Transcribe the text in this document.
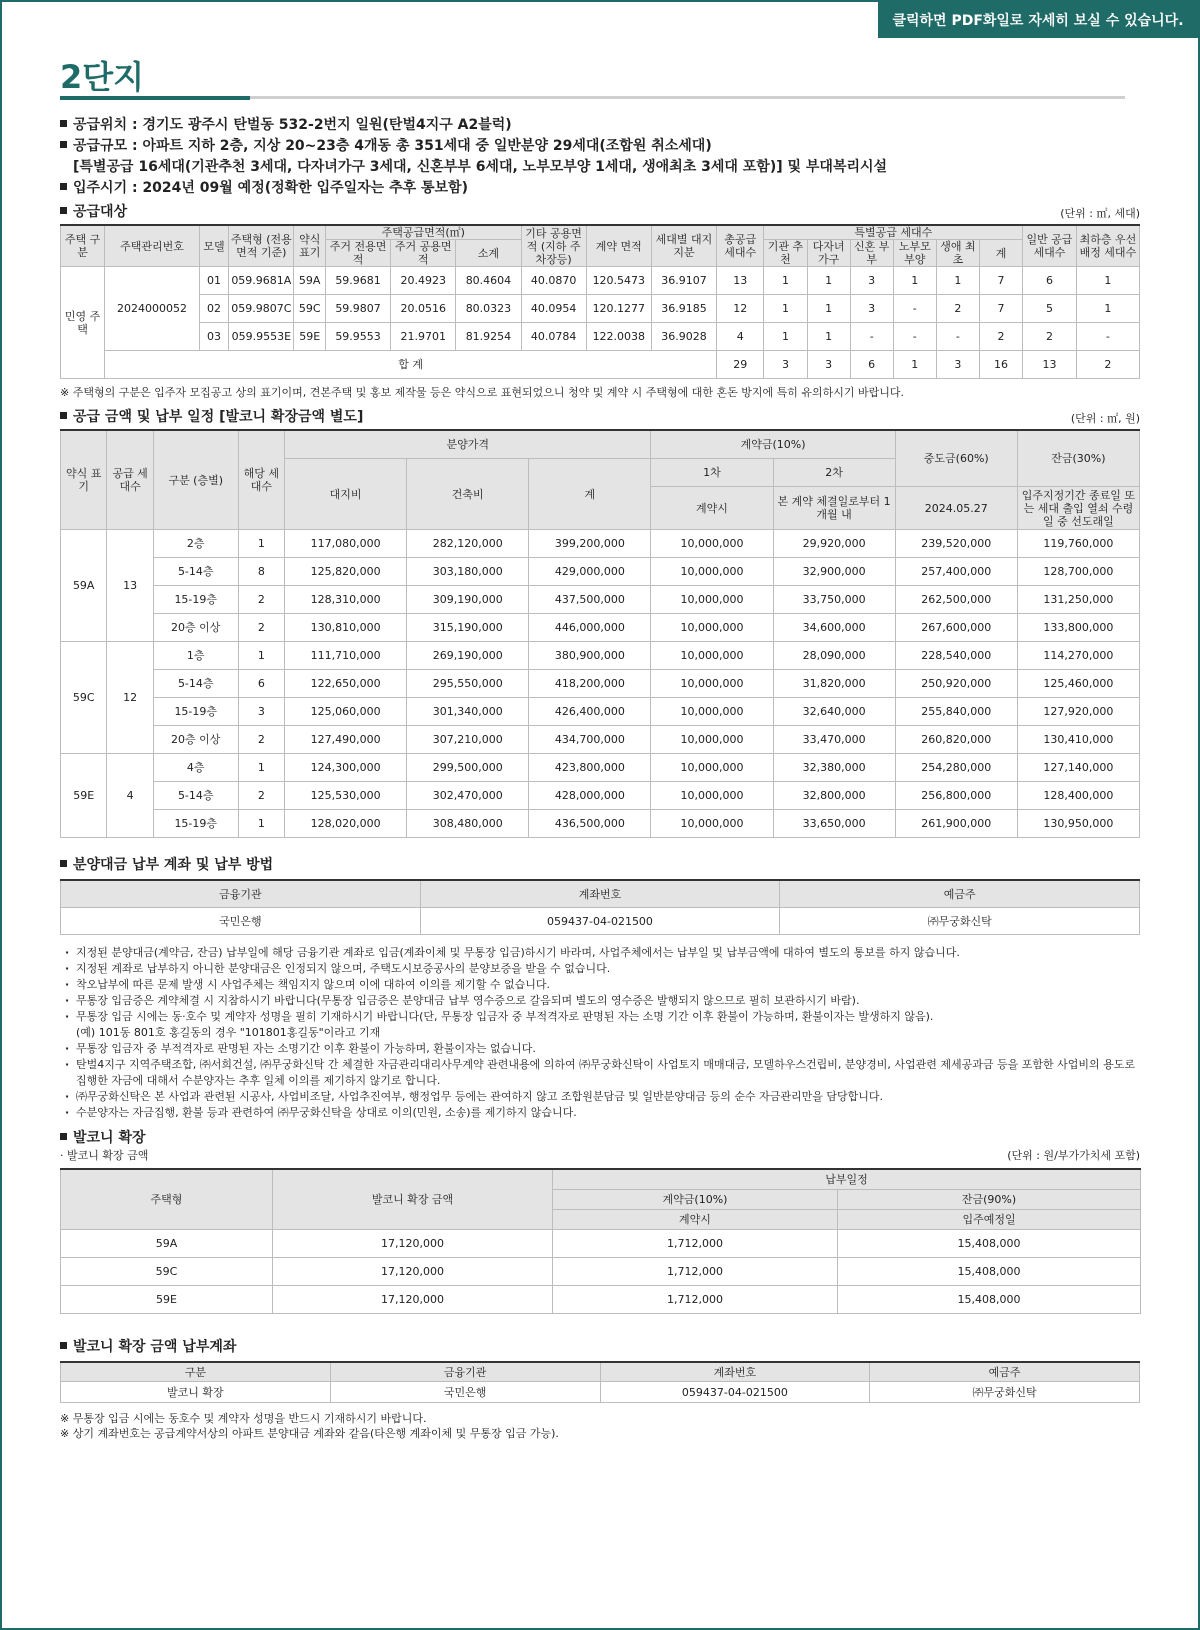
클릭하면 PDF화일로 자세히 보실 수 있습니다.
2단지
공급위치 : 경기도 광주시 탄벌동 532-2번지 일원(탄벌4지구 A2블럭)
공급규모 : 아파트 지하 2층, 지상 20~23층 4개동 총 351세대 중 일반분양 29세대(조합원 취소세대)
[특별공급 16세대(기관추천 3세대, 다자녀가구 3세대, 신혼부부 6세대, 노부모부양 1세대, 생애최초 3세대 포함)] 및 부대복리시설
입주시기 : 2024년 09월 예정(정확한 입주일자는 추후 통보함)
공급대상	(단위 : ㎡, 세대)
주택 구분	주택관리번호	모델	주택형 (전용면적 기준)	약식 표기	주택공급면적(㎡)			기타 공용면적 (지하 주차장등)	계약 면적	세대별 대지지분	총공급 세대수	특별공급 세대수						일반 공급 세대수	최하층 우선배정 세대수
					주거 전용면적	주거 공용면적	소계					기관 추천	다자녀 가구	신혼 부부	노부모 부양	생애 최초	계		
민영 주택	2024000052	01	059.9681A	59A	59.9681	20.4923	80.4604	40.0870	120.5473	36.9107	13	1	1	3	1	1	7	6	1
		02	059.9807C	59C	59.9807	20.0516	80.0323	40.0954	120.1277	36.9185	12	1	1	3	-	2	7	5	1
		03	059.9553E	59E	59.9553	21.9701	81.9254	40.0784	122.0038	36.9028	4	1	1	-	-	-	2	2	-
	합 계										29	3	3	6	1	3	16	13	2
※ 주택형의 구분은 입주자 모집공고 상의 표기이며, 견본주택 및 홍보 제작물 등은 약식으로 표현되었으니 청약 및 계약 시 주택형에 대한 혼돈 방지에 특히 유의하시기 바랍니다.
공급 금액 및 납부 일정 [발코니 확장금액 별도]	(단위 : ㎡, 원)
약식 표기	공급 세대수	구분 (층별)	해당 세대수	분양가격			계약금(10%)		중도금(60%)	잔금(30%)
				대지비	건축비	계	1차	2차		
							계약시	본 계약 체결일로부터 1개월 내	2024.05.27	입주지정기간 종료일 또는 세대 출입 열쇠 수령일 중 선도래일
59A	13	2층	1	117,080,000	282,120,000	399,200,000	10,000,000	29,920,000	239,520,000	119,760,000
		5-14층	8	125,820,000	303,180,000	429,000,000	10,000,000	32,900,000	257,400,000	128,700,000
		15-19층	2	128,310,000	309,190,000	437,500,000	10,000,000	33,750,000	262,500,000	131,250,000
		20층 이상	2	130,810,000	315,190,000	446,000,000	10,000,000	34,600,000	267,600,000	133,800,000
59C	12	1층	1	111,710,000	269,190,000	380,900,000	10,000,000	28,090,000	228,540,000	114,270,000
		5-14층	6	122,650,000	295,550,000	418,200,000	10,000,000	31,820,000	250,920,000	125,460,000
		15-19층	3	125,060,000	301,340,000	426,400,000	10,000,000	32,640,000	255,840,000	127,920,000
		20층 이상	2	127,490,000	307,210,000	434,700,000	10,000,000	33,470,000	260,820,000	130,410,000
59E	4	4층	1	124,300,000	299,500,000	423,800,000	10,000,000	32,380,000	254,280,000	127,140,000
		5-14층	2	125,530,000	302,470,000	428,000,000	10,000,000	32,800,000	256,800,000	128,400,000
		15-19층	1	128,020,000	308,480,000	436,500,000	10,000,000	33,650,000	261,900,000	130,950,000
분양대금 납부 계좌 및 납부 방법
금융기관	계좌번호	예금주
국민은행	059437-04-021500	㈜무궁화신탁
· 지정된 분양대금(계약금, 잔금) 납부일에 해당 금융기관 계좌로 입금(계좌이체 및 무통장 입금)하시기 바라며, 사업주체에서는 납부일 및 납부금액에 대하여 별도의 통보를 하지 않습니다.
· 지정된 계좌로 납부하지 아니한 분양대금은 인정되지 않으며, 주택도시보증공사의 분양보증을 받을 수 없습니다.
· 착오납부에 따른 문제 발생 시 사업주체는 책임지지 않으며 이에 대하여 이의를 제기할 수 없습니다.
· 무통장 입금증은 계약체결 시 지참하시기 바랍니다(무통장 입금증은 분양대금 납부 영수증으로 갈음되며 별도의 영수증은 발행되지 않으므로 필히 보관하시기 바람).
· 무통장 입금 시에는 동·호수 및 계약자 성명을 필히 기재하시기 바랍니다(단, 무통장 입금자 중 부적격자로 판명된 자는 소명 기간 이후 환불이 가능하며, 환불이자는 발생하지 않음).
(예) 101동 801호 홍길동의 경우 "101801홍길동"이라고 기재
· 무통장 입금자 중 부적격자로 판명된 자는 소명기간 이후 환불이 가능하며, 환불이자는 없습니다.
· 탄벌4지구 지역주택조합, ㈜서희건설, ㈜무궁화신탁 간 체결한 자금관리대리사무계약 관련내용에 의하여 ㈜무궁화신탁이 사업토지 매매대금, 모델하우스건립비, 분양경비, 사업관련 제세공과금 등을 포함한 사업비의 용도로 집행한 자금에 대해서 수분양자는 추후 일체 이의를 제기하지 않기로 합니다.
· ㈜무궁화신탁은 본 사업과 관련된 시공사, 사업비조달, 사업추진여부, 행정업무 등에는 관여하지 않고 조합원분담금 및 일반분양대금 등의 순수 자금관리만을 담당합니다.
· 수분양자는 자금집행, 환불 등과 관련하여 ㈜무궁화신탁을 상대로 이의(민원, 소송)를 제기하지 않습니다.
발코니 확장
· 발코니 확장 금액	(단위 : 원/부가가치세 포함)
주택형	발코니 확장 금액	납부일정	
		계약금(10%)	잔금(90%)
		계약시	입주예정일
59A	17,120,000	1,712,000	15,408,000
59C	17,120,000	1,712,000	15,408,000
59E	17,120,000	1,712,000	15,408,000
발코니 확장 금액 납부계좌
구분	금융기관	계좌번호	예금주
발코니 확장	국민은행	059437-04-021500	㈜무궁화신탁
※ 무통장 입금 시에는 동호수 및 계약자 성명을 반드시 기재하시기 바랍니다.
※ 상기 계좌번호는 공급계약서상의 아파트 분양대금 계좌와 같음(타은행 계좌이체 및 무통장 입금 가능).
